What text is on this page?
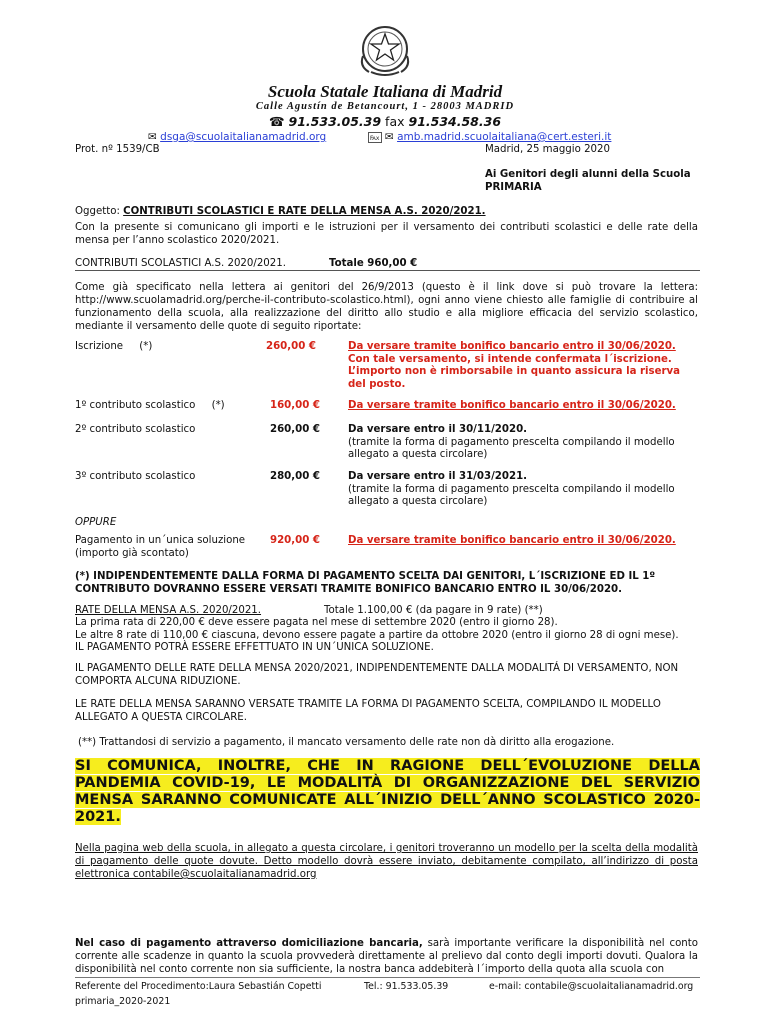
Scuola Statale Italiana di Madrid
Calle Agustín de Betancourt, 1 - 28003 MADRID
☎ 91.533.05.39 fax 91.534.58.36
✉ dsga@scuolaitalianamadrid.org	℻ ✉ amb.madrid.scuolaitaliana@cert.esteri.it
Prot. nº 1539/CB	Madrid, 25 maggio 2020
Ai Genitori degli alunni della Scuola
PRIMARIA
Oggetto: CONTRIBUTI SCOLASTICI E RATE DELLA MENSA A.S. 2020/2021.

Con la presente si comunicano gli importi e le istruzioni per il versamento dei contributi scolastici e delle rate della mensa per l’anno scolastico 2020/2021.

CONTRIBUTI SCOLASTICI A.S. 2020/2021.	Totale 960,00 €

Come già specificato nella lettera ai genitori del 26/9/2013 (questo è il link dove si può trovare la lettera: http://www.scuolamadrid.org/perche-il-contributo-scolastico.html), ogni anno viene chiesto alle famiglie di contribuire al funzionamento della scuola, alla realizzazione del diritto allo studio e alla migliore efficacia del servizio scolastico, mediante il versamento delle quote di seguito riportate:

Iscrizione (*)	260,00 €	Da versare tramite bonifico bancario entro il 30/06/2020.
Con tale versamento, si intende confermata l´iscrizione. L’importo non è rimborsabile in quanto assicura la riserva del posto.
1º contributo scolastico (*)	160,00 €	Da versare tramite bonifico bancario entro il 30/06/2020.
2º contributo scolastico	260,00 €	Da versare entro il 30/11/2020.
(tramite la forma di pagamento prescelta compilando il modello allegato a questa circolare)
3º contributo scolastico	280,00 €	Da versare entro il 31/03/2021.
(tramite la forma di pagamento prescelta compilando il modello allegato a questa circolare)
OPPURE
Pagamento in un´unica soluzione (importo già scontato)
920,00 €	Da versare tramite bonifico bancario entro il 30/06/2020.

(*) INDIPENDENTEMENTE DALLA FORMA DI PAGAMENTO SCELTA DAI GENITORI, L´ISCRIZIONE ED IL 1º CONTRIBUTO DOVRANNO ESSERE VERSATI TRAMITE BONIFICO BANCARIO ENTRO IL 30/06/2020.

RATE DELLA MENSA A.S. 2020/2021.	Totale 1.100,00 € (da pagare in 9 rate) (**)
La prima rata di 220,00 € deve essere pagata nel mese di settembre 2020 (entro il giorno 28).
Le altre 8 rate di 110,00 € ciascuna, devono essere pagate a partire da ottobre 2020 (entro il giorno 28 di ogni mese).
IL PAGAMENTO POTRÀ ESSERE EFFETTUATO IN UN´UNICA SOLUZIONE.

IL PAGAMENTO DELLE RATE DELLA MENSA 2020/2021, INDIPENDENTEMENTE DALLA MODALITÁ DI VERSAMENTO, NON COMPORTA ALCUNA RIDUZIONE.

LE RATE DELLA MENSA SARANNO VERSATE TRAMITE LA FORMA DI PAGAMENTO SCELTA, COMPILANDO IL MODELLO ALLEGATO A QUESTA CIRCOLARE.

(**) Trattandosi di servizio a pagamento, il mancato versamento delle rate non dà diritto alla erogazione.

SI COMUNICA, INOLTRE, CHE IN RAGIONE DELL´EVOLUZIONE DELLA PANDEMIA COVID-19, LE MODALITÀ DI ORGANIZZAZIONE DEL SERVIZIO MENSA SARANNO COMUNICATE ALL´INIZIO DELL´ANNO SCOLASTICO 2020-2021.

Nella pagina web della scuola, in allegato a questa circolare, i genitori troveranno un modello per la scelta della modalità di pagamento delle quote dovute. Detto modello dovrà essere inviato, debitamente compilato, all’indirizzo di posta elettronica contabile@scuolaitalianamadrid.org

Nel caso di pagamento attraverso domiciliazione bancaria, sarà importante verificare la disponibilità nel conto corrente alle scadenze in quanto la scuola provvederà direttamente al prelievo dal conto degli importi dovuti. Qualora la disponibilità nel conto corrente non sia sufficiente, la nostra banca addebiterà l´importo della quota alla scuola con

Referente del Procedimento:Laura Sebastián Copetti	Tel.: 91.533.05.39	e-mail: contabile@scuolaitalianamadrid.org
primaria_2020-2021
